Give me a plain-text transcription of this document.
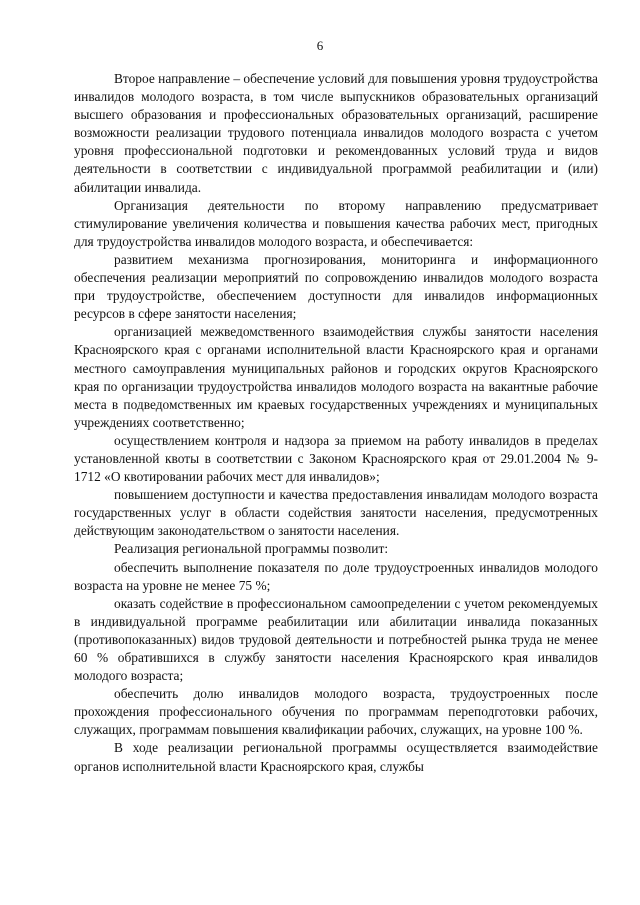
6

Второе направление – обеспечение условий для повышения уровня трудоустройства инвалидов молодого возраста, в том числе выпускников образовательных организаций высшего образования и профессиональных образовательных организаций, расширение возможности реализации трудового потенциала инвалидов молодого возраста с учетом уровня профессиональной подготовки и рекомендованных условий труда и видов деятельности в соответствии с индивидуальной программой реабилитации и (или) абилитации инвалида.

Организация деятельности по второму направлению предусматривает стимулирование увеличения количества и повышения качества рабочих мест, пригодных для трудоустройства инвалидов молодого возраста, и обеспечивается:

развитием механизма прогнозирования, мониторинга и информационного обеспечения реализации мероприятий по сопровождению инвалидов молодого возраста при трудоустройстве, обеспечением доступности для инвалидов информационных ресурсов в сфере занятости населения;

организацией межведомственного взаимодействия службы занятости населения Красноярского края с органами исполнительной власти Красноярского края и органами местного самоуправления муниципальных районов и городских округов Красноярского края по организации трудоустройства инвалидов молодого возраста на вакантные рабочие места в подведомственных им краевых государственных учреждениях и муниципальных учреждениях соответственно;

осуществлением контроля и надзора за приемом на работу инвалидов в пределах установленной квоты в соответствии с Законом Красноярского края от 29.01.2004 № 9-1712 «О квотировании рабочих мест для инвалидов»;

повышением доступности и качества предоставления инвалидам молодого возраста государственных услуг в области содействия занятости населения, предусмотренных действующим законодательством о занятости населения.

Реализация региональной программы позволит:

обеспечить выполнение показателя по доле трудоустроенных инвалидов молодого возраста на уровне не менее 75 %;

оказать содействие в профессиональном самоопределении с учетом рекомендуемых в индивидуальной программе реабилитации или абилитации инвалида показанных (противопоказанных) видов трудовой деятельности и потребностей рынка труда не менее 60 % обратившихся в службу занятости населения Красноярского края инвалидов молодого возраста;

обеспечить долю инвалидов молодого возраста, трудоустроенных после прохождения профессионального обучения по программам переподготовки рабочих, служащих, программам повышения квалификации рабочих, служащих, на уровне 100 %.

В ходе реализации региональной программы осуществляется взаимодействие органов исполнительной власти Красноярского края, службы
